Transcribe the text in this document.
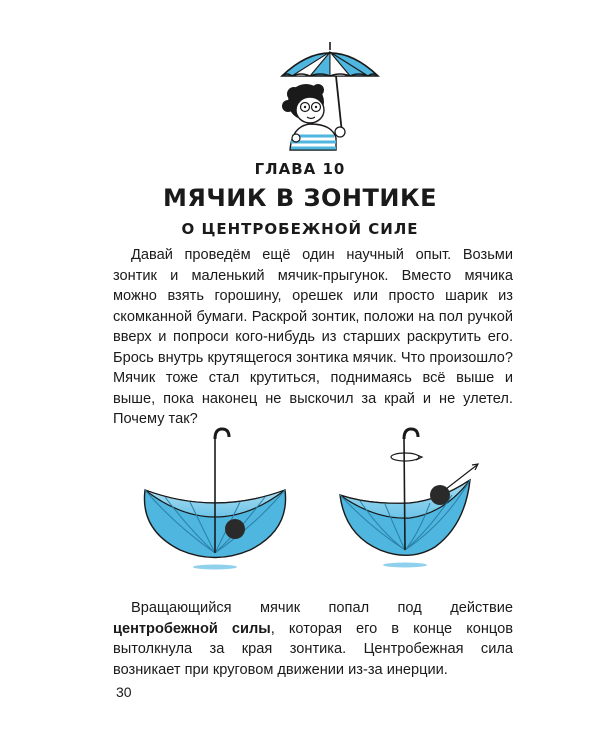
ГЛАВА 10
МЯЧИК В ЗОНТИКЕ
О ЦЕНТРОБЕЖНОЙ СИЛЕ

Давай проведём ещё один научный опыт. Возьми зонтик и маленький мячик-прыгунок. Вместо мячика можно взять горошину, орешек или просто шарик из скомканной бумаги. Раскрой зонтик, положи на пол ручкой вверх и попроси кого-нибудь из старших раскрутить его. Брось внутрь крутящегося зонтика мячик. Что произошло? Мячик тоже стал крутиться, поднимаясь всё выше и выше, пока наконец не выскочил за край и не улетел. Почему так?

Вращающийся мячик попал под действие центробежной силы, которая его в конце концов вытолкнула за края зонтика. Центробежная сила возникает при круговом движении из-за инерции.

30
